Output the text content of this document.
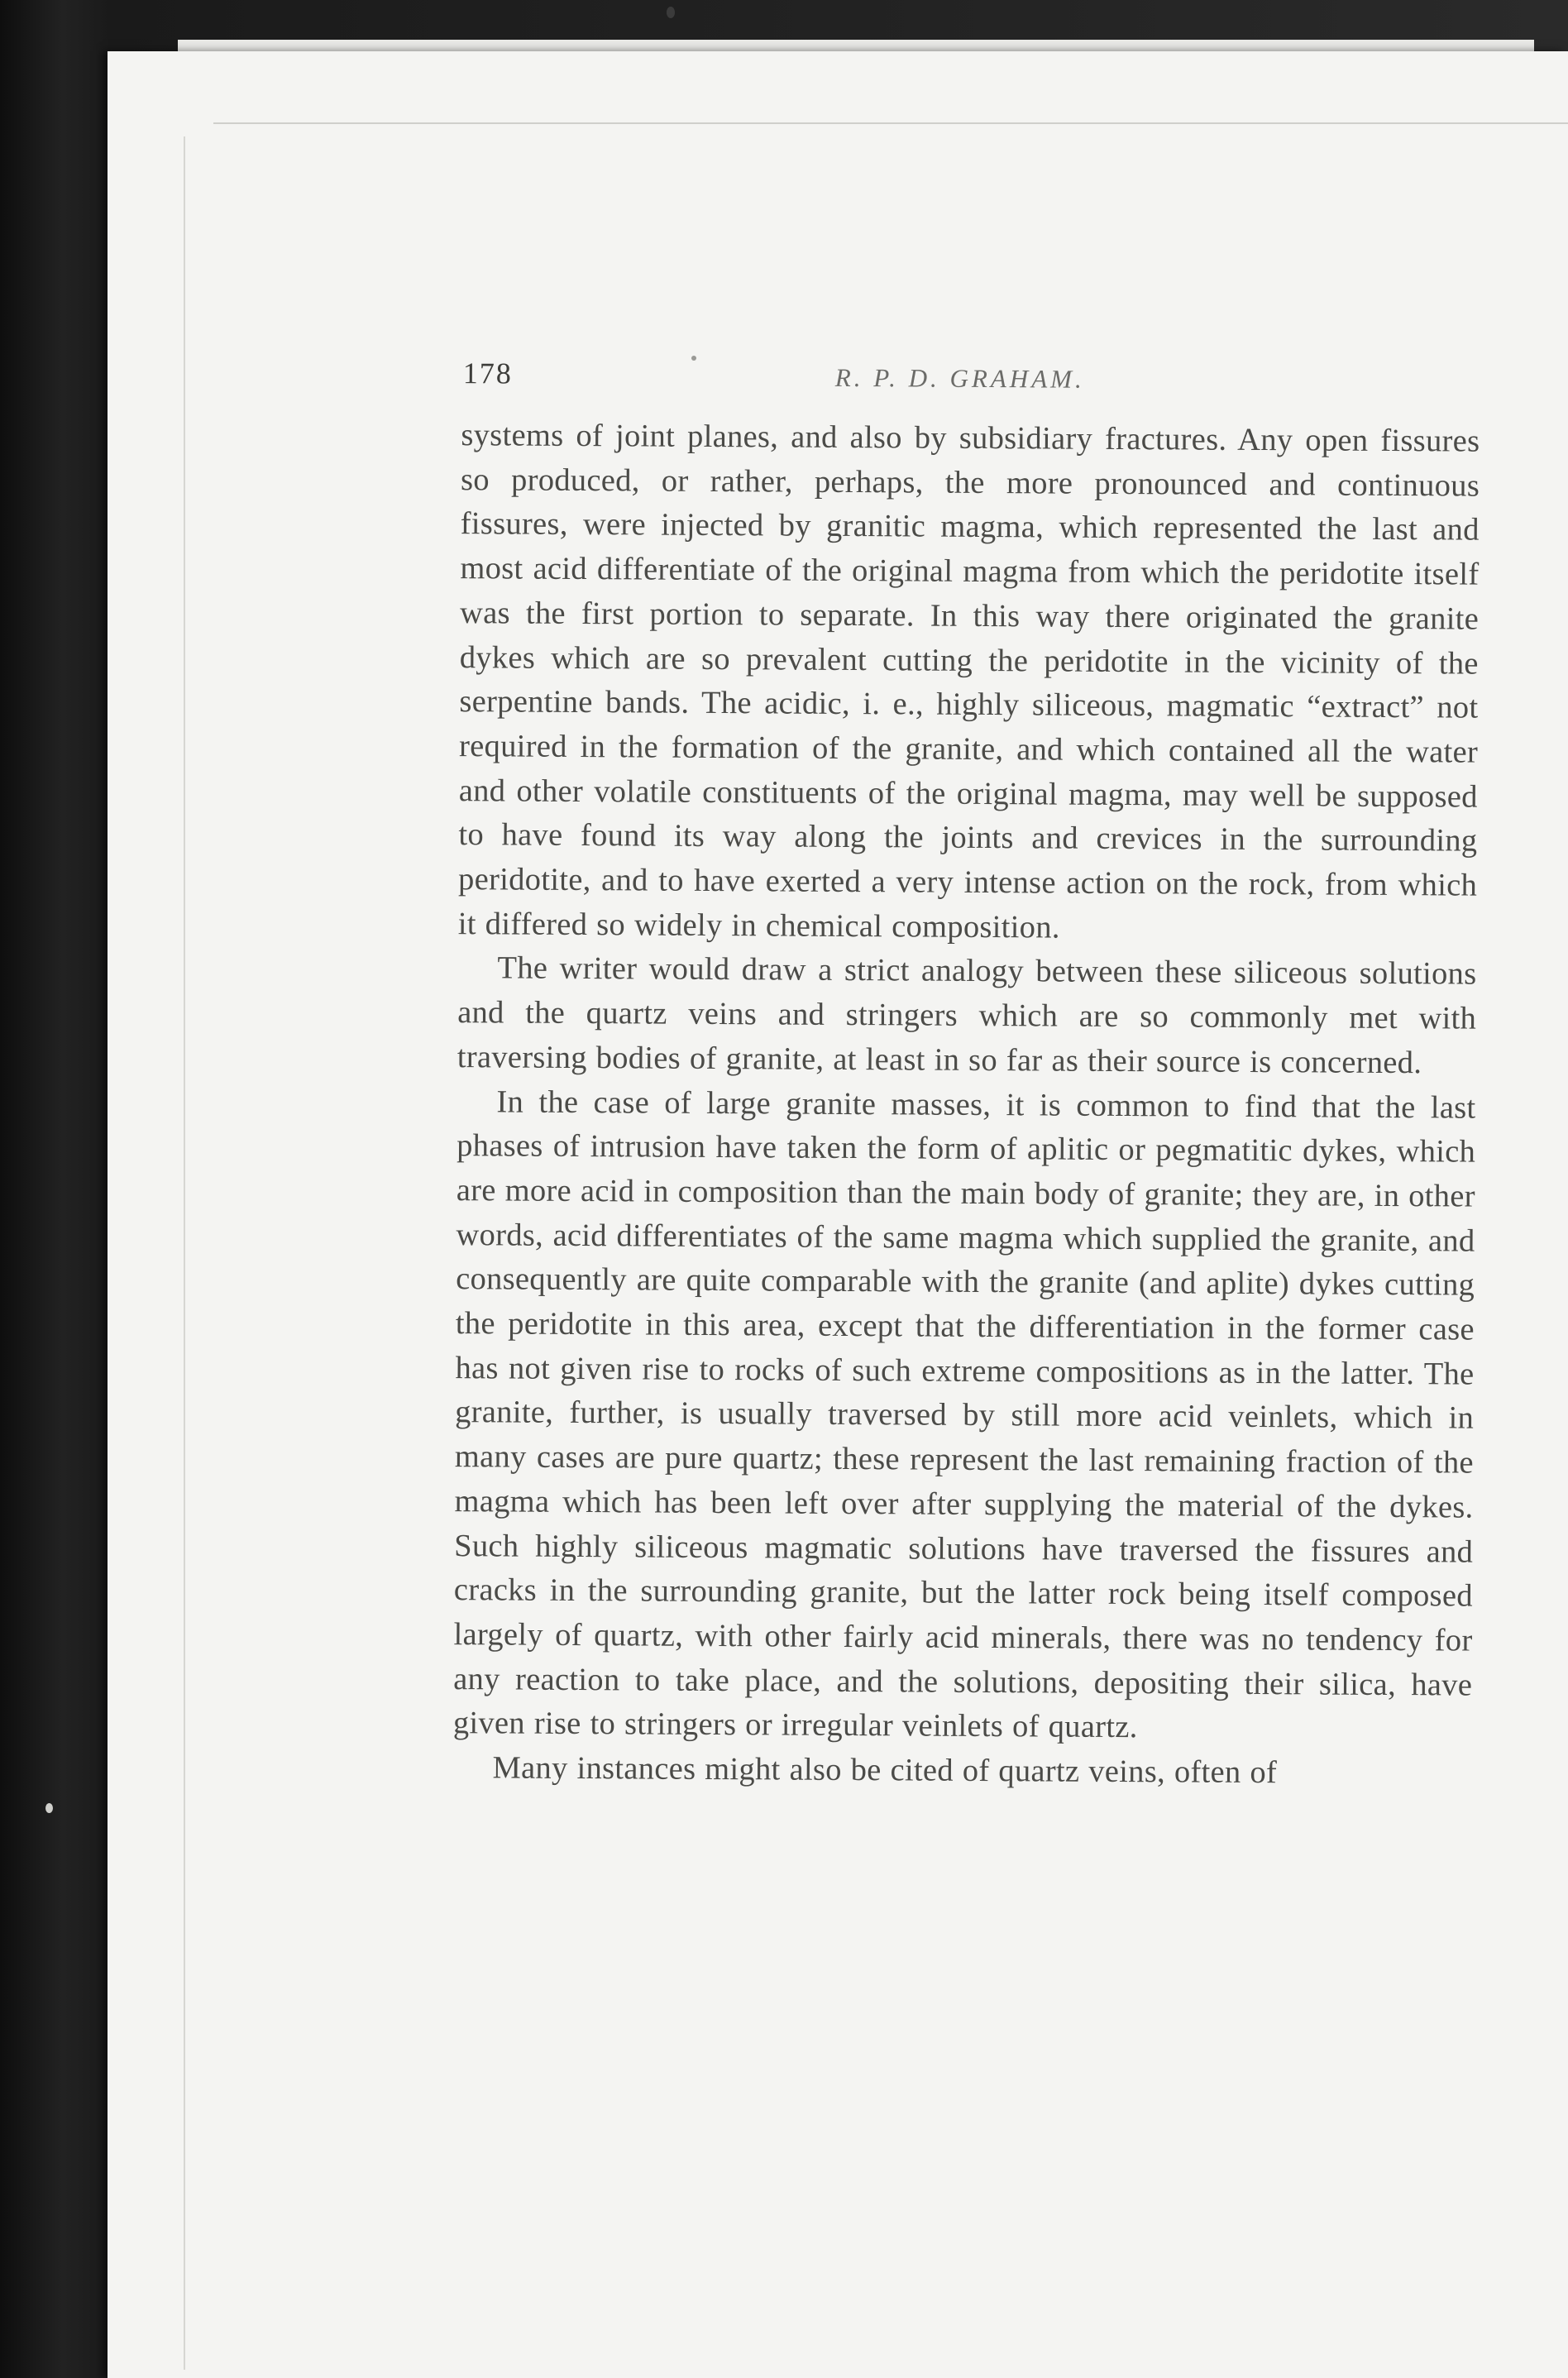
178	R. P. D. GRAHAM.

systems of joint planes, and also by subsidiary fractures. Any open fissures so produced, or rather, perhaps, the more pronounced and continuous fissures, were injected by granitic magma, which represented the last and most acid differentiate of the original magma from which the peridotite itself was the first portion to separate. In this way there originated the granite dykes which are so prevalent cutting the peridotite in the vicinity of the serpentine bands. The acidic, i. e., highly siliceous, magmatic “extract” not required in the formation of the granite, and which contained all the water and other volatile constituents of the original magma, may well be supposed to have found its way along the joints and crevices in the surrounding peridotite, and to have exerted a very intense action on the rock, from which it differed so widely in chemical composition.

The writer would draw a strict analogy between these siliceous solutions and the quartz veins and stringers which are so commonly met with traversing bodies of granite, at least in so far as their source is concerned.

In the case of large granite masses, it is common to find that the last phases of intrusion have taken the form of aplitic or pegmatitic dykes, which are more acid in composition than the main body of granite; they are, in other words, acid differentiates of the same magma which supplied the granite, and consequently are quite comparable with the granite (and aplite) dykes cutting the peridotite in this area, except that the differentiation in the former case has not given rise to rocks of such extreme compositions as in the latter. The granite, further, is usually traversed by still more acid veinlets, which in many cases are pure quartz; these represent the last remaining fraction of the magma which has been left over after supplying the material of the dykes. Such highly siliceous magmatic solutions have traversed the fissures and cracks in the surrounding granite, but the latter rock being itself composed largely of quartz, with other fairly acid minerals, there was no tendency for any reaction to take place, and the solutions, depositing their silica, have given rise to stringers or irregular veinlets of quartz.

Many instances might also be cited of quartz veins, often of
